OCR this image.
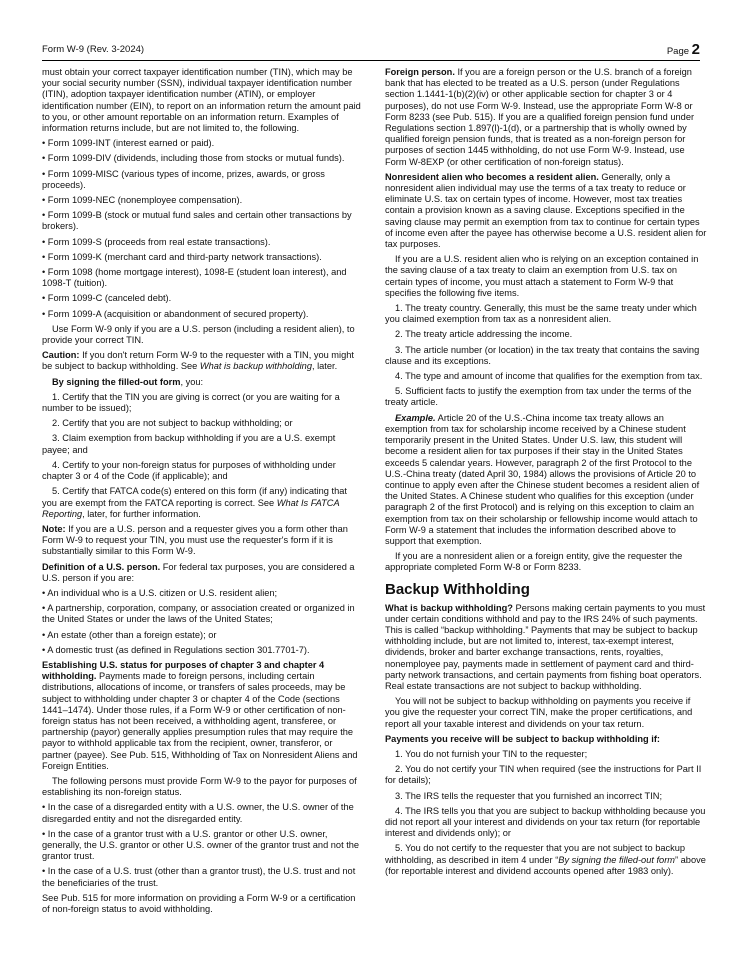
Form W-9 (Rev. 3-2024)	Page 2

must obtain your correct taxpayer identification number (TIN), which may be your social security number (SSN), individual taxpayer identification number (ITIN), adoption taxpayer identification number (ATIN), or employer identification number (EIN), to report on an information return the amount paid to you, or other amount reportable on an information return. Examples of information returns include, but are not limited to, the following.

• Form 1099-INT (interest earned or paid).

• Form 1099-DIV (dividends, including those from stocks or mutual funds).

• Form 1099-MISC (various types of income, prizes, awards, or gross proceeds).

• Form 1099-NEC (nonemployee compensation).

• Form 1099-B (stock or mutual fund sales and certain other transactions by brokers).

• Form 1099-S (proceeds from real estate transactions).

• Form 1099-K (merchant card and third-party network transactions).

• Form 1098 (home mortgage interest), 1098-E (student loan interest), and 1098-T (tuition).

• Form 1099-C (canceled debt).

• Form 1099-A (acquisition or abandonment of secured property).

Use Form W-9 only if you are a U.S. person (including a resident alien), to provide your correct TIN.

Caution: If you don't return Form W-9 to the requester with a TIN, you might be subject to backup withholding. See What is backup withholding, later.

By signing the filled-out form, you:

1. Certify that the TIN you are giving is correct (or you are waiting for a number to be issued);

2. Certify that you are not subject to backup withholding; or

3. Claim exemption from backup withholding if you are a U.S. exempt payee; and

4. Certify to your non-foreign status for purposes of withholding under chapter 3 or 4 of the Code (if applicable); and

5. Certify that FATCA code(s) entered on this form (if any) indicating that you are exempt from the FATCA reporting is correct. See What Is FATCA Reporting, later, for further information.

Note: If you are a U.S. person and a requester gives you a form other than Form W-9 to request your TIN, you must use the requester's form if it is substantially similar to this Form W-9.

Definition of a U.S. person. For federal tax purposes, you are considered a U.S. person if you are:

• An individual who is a U.S. citizen or U.S. resident alien;

• A partnership, corporation, company, or association created or organized in the United States or under the laws of the United States;

• An estate (other than a foreign estate); or

• A domestic trust (as defined in Regulations section 301.7701-7).

Establishing U.S. status for purposes of chapter 3 and chapter 4 withholding. Payments made to foreign persons, including certain distributions, allocations of income, or transfers of sales proceeds, may be subject to withholding under chapter 3 or chapter 4 of the Code (sections 1441–1474). Under those rules, if a Form W-9 or other certification of non-foreign status has not been received, a withholding agent, transferee, or partnership (payor) generally applies presumption rules that may require the payor to withhold applicable tax from the recipient, owner, transferor, or partner (payee). See Pub. 515, Withholding of Tax on Nonresident Aliens and Foreign Entities.

The following persons must provide Form W-9 to the payor for purposes of establishing its non-foreign status.

• In the case of a disregarded entity with a U.S. owner, the U.S. owner of the disregarded entity and not the disregarded entity.

• In the case of a grantor trust with a U.S. grantor or other U.S. owner, generally, the U.S. grantor or other U.S. owner of the grantor trust and not the grantor trust.

• In the case of a U.S. trust (other than a grantor trust), the U.S. trust and not the beneficiaries of the trust.

See Pub. 515 for more information on providing a Form W-9 or a certification of non-foreign status to avoid withholding.

Foreign person. If you are a foreign person or the U.S. branch of a foreign bank that has elected to be treated as a U.S. person (under Regulations section 1.1441-1(b)(2)(iv) or other applicable section for chapter 3 or 4 purposes), do not use Form W-9. Instead, use the appropriate Form W-8 or Form 8233 (see Pub. 515). If you are a qualified foreign pension fund under Regulations section 1.897(l)-1(d), or a partnership that is wholly owned by qualified foreign pension funds, that is treated as a non-foreign person for purposes of section 1445 withholding, do not use Form W-9. Instead, use Form W-8EXP (or other certification of non-foreign status).

Nonresident alien who becomes a resident alien. Generally, only a nonresident alien individual may use the terms of a tax treaty to reduce or eliminate U.S. tax on certain types of income. However, most tax treaties contain a provision known as a saving clause. Exceptions specified in the saving clause may permit an exemption from tax to continue for certain types of income even after the payee has otherwise become a U.S. resident alien for tax purposes.

If you are a U.S. resident alien who is relying on an exception contained in the saving clause of a tax treaty to claim an exemption from U.S. tax on certain types of income, you must attach a statement to Form W-9 that specifies the following five items.

1. The treaty country. Generally, this must be the same treaty under which you claimed exemption from tax as a nonresident alien.

2. The treaty article addressing the income.

3. The article number (or location) in the tax treaty that contains the saving clause and its exceptions.

4. The type and amount of income that qualifies for the exemption from tax.

5. Sufficient facts to justify the exemption from tax under the terms of the treaty article.

Example. Article 20 of the U.S.-China income tax treaty allows an exemption from tax for scholarship income received by a Chinese student temporarily present in the United States. Under U.S. law, this student will become a resident alien for tax purposes if their stay in the United States exceeds 5 calendar years. However, paragraph 2 of the first Protocol to the U.S.-China treaty (dated April 30, 1984) allows the provisions of Article 20 to continue to apply even after the Chinese student becomes a resident alien of the United States. A Chinese student who qualifies for this exception (under paragraph 2 of the first Protocol) and is relying on this exception to claim an exemption from tax on their scholarship or fellowship income would attach to Form W-9 a statement that includes the information described above to support that exemption.

If you are a nonresident alien or a foreign entity, give the requester the appropriate completed Form W-8 or Form 8233.

Backup Withholding

What is backup withholding? Persons making certain payments to you must under certain conditions withhold and pay to the IRS 24% of such payments. This is called “backup withholding.” Payments that may be subject to backup withholding include, but are not limited to, interest, tax-exempt interest, dividends, broker and barter exchange transactions, rents, royalties, nonemployee pay, payments made in settlement of payment card and third-party network transactions, and certain payments from fishing boat operators. Real estate transactions are not subject to backup withholding.

You will not be subject to backup withholding on payments you receive if you give the requester your correct TIN, make the proper certifications, and report all your taxable interest and dividends on your tax return.

Payments you receive will be subject to backup withholding if:

1. You do not furnish your TIN to the requester;

2. You do not certify your TIN when required (see the instructions for Part II for details);

3. The IRS tells the requester that you furnished an incorrect TIN;

4. The IRS tells you that you are subject to backup withholding because you did not report all your interest and dividends on your tax return (for reportable interest and dividends only); or

5. You do not certify to the requester that you are not subject to backup withholding, as described in item 4 under “By signing the filled-out form” above (for reportable interest and dividend accounts opened after 1983 only).
